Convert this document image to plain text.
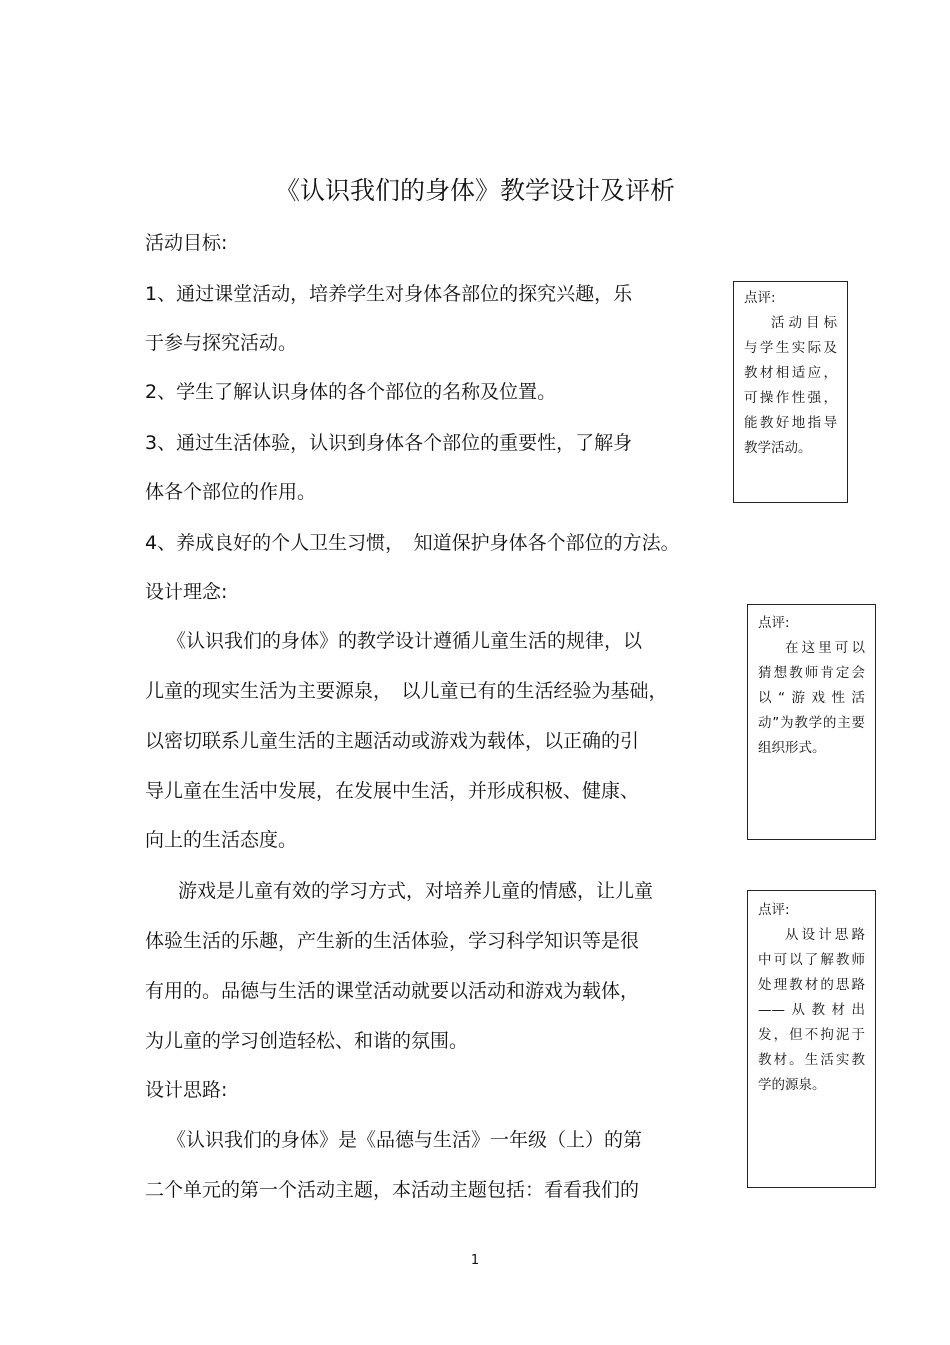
《认识我们的身体》教学设计及评析
活动目标:
1、通过课堂活动，培养学生对身体各部位的探究兴趣，乐
于参与探究活动。
2、学生了解认识身体的各个部位的名称及位置。
3、通过生活体验，认识到身体各个部位的重要性，了解身
体各个部位的作用。
4、养成良好的个人卫生习惯，　知道保护身体各个部位的方法。
设计理念:
《认识我们的身体》的教学设计遵循儿童生活的规律，以
儿童的现实生活为主要源泉，　以儿童已有的生活经验为基础，
以密切联系儿童生活的主题活动或游戏为载体，以正确的引
导儿童在生活中发展，在发展中生活，并形成积极、健康、
向上的生活态度。
游戏是儿童有效的学习方式，对培养儿童的情感，让儿童
体验生活的乐趣，产生新的生活体验，学习科学知识等是很
有用的。品德与生活的课堂活动就要以活动和游戏为载体，
为儿童的学习创造轻松、和谐的氛围。
设计思路:
《认识我们的身体》是《品德与生活》一年级（上）的第
二个单元的第一个活动主题，本活动主题包括：看看我们的
点评:
活动目标与学生实际及教材相适应，可操作性强，能教好地指导教学活动。
点评:
在这里可以猜想教师肯定会以“游戏性活动”为教学的主要组织形式。
点评:
从设计思路中可以了解教师处理教材的思路——从教材出发，但不拘泥于教材。生活实教学的源泉。
1
